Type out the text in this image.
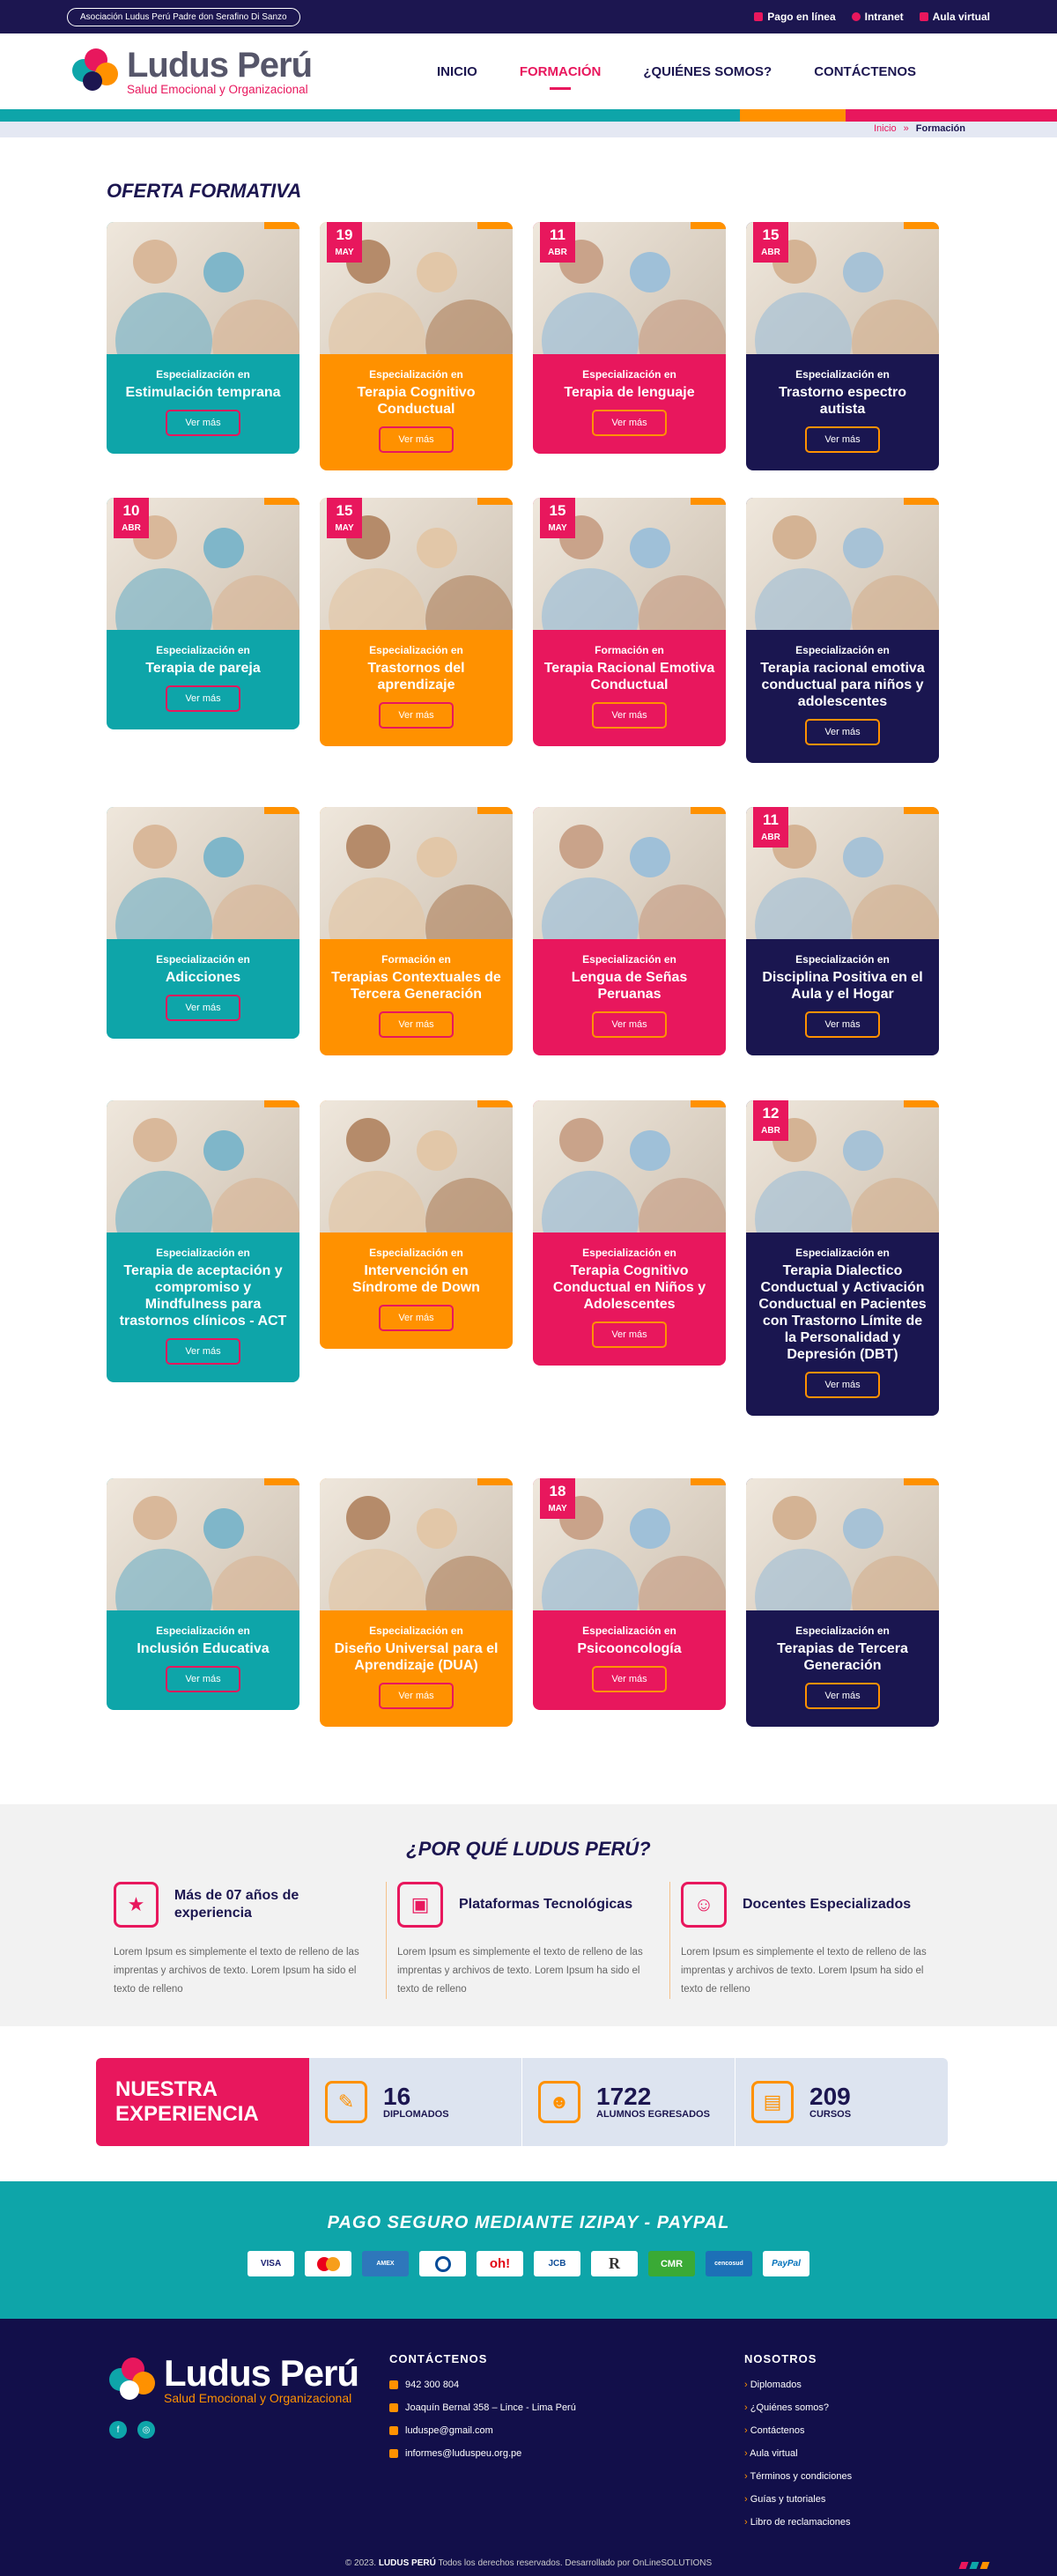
Asociación Ludus Perú Padre don Serafino Di Sanzo	Pago en línea	Intranet	Aula virtual
Ludus Perú
Salud Emocional y Organizacional
INICIO	FORMACIÓN	¿QUIÉNES SOMOS?	CONTÁCTENOS
Inicio » Formación
OFERTA FORMATIVA
Especialización en
Estimulación temprana
Ver más
19
MAY
Especialización en
Terapia Cognitivo Conductual
Ver más
11
ABR
Especialización en
Terapia de lenguaje
Ver más
15
ABR
Especialización en
Trastorno espectro autista
Ver más
10
ABR
Especialización en
Terapia de pareja
Ver más
15
MAY
Especialización en
Trastornos del aprendizaje
Ver más
15
MAY
Formación en
Terapia Racional Emotiva Conductual
Ver más
Especialización en
Terapia racional emotiva conductual para niños y adolescentes
Ver más
Especialización en
Adicciones
Ver más
Formación en
Terapias Contextuales de Tercera Generación
Ver más
Especialización en
Lengua de Señas Peruanas
Ver más
11
ABR
Especialización en
Disciplina Positiva en el Aula y el Hogar
Ver más
Especialización en
Terapia de aceptación y compromiso y Mindfulness para trastornos clínicos - ACT
Ver más
Especialización en
Intervención en Síndrome de Down
Ver más
Especialización en
Terapia Cognitivo Conductual en Niños y Adolescentes
Ver más
12
ABR
Especialización en
Terapia Dialectico Conductual y Activación Conductual en Pacientes con Trastorno Límite de la Personalidad y Depresión (DBT)
Ver más
Especialización en
Inclusión Educativa
Ver más
Especialización en
Diseño Universal para el Aprendizaje (DUA)
Ver más
18
MAY
Especialización en
Psicooncología
Ver más
Especialización en
Terapias de Tercera Generación
Ver más
¿POR QUÉ LUDUS PERÚ?
★	Más de 07 años de experiencia

Lorem Ipsum es simplemente el texto de relleno de las imprentas y archivos de texto. Lorem Ipsum ha sido el texto de relleno

▣	Plataformas Tecnológicas

Lorem Ipsum es simplemente el texto de relleno de las imprentas y archivos de texto. Lorem Ipsum ha sido el texto de relleno

☺	Docentes Especializados

Lorem Ipsum es simplemente el texto de relleno de las imprentas y archivos de texto. Lorem Ipsum ha sido el texto de relleno

NUESTRA EXPERIENCIA
✎	16
DIPLOMADOS
☻	1722
ALUMNOS EGRESADOS
▤	209
CURSOS
PAGO SEGURO MEDIANTE IZIPAY - PAYPAL
VISA	AMEX	oh!	JCB	R	CMR	cencosud	PayPal
Ludus Perú
Salud Emocional y Organizacional
f	◎
CONTÁCTENOS
942 300 804
Joaquín Bernal 358 – Lince - Lima Perú
luduspe@gmail.com
informes@luduspeu.org.pe
NOSOTROS
› Diplomados
› ¿Quiénes somos?
› Contáctenos
› Aula virtual
› Términos y condiciones
› Guías y tutoriales
› Libro de reclamaciones
© 2023. LUDUS PERÚ Todos los derechos reservados. Desarrollado por OnLineSOLUTIONS
